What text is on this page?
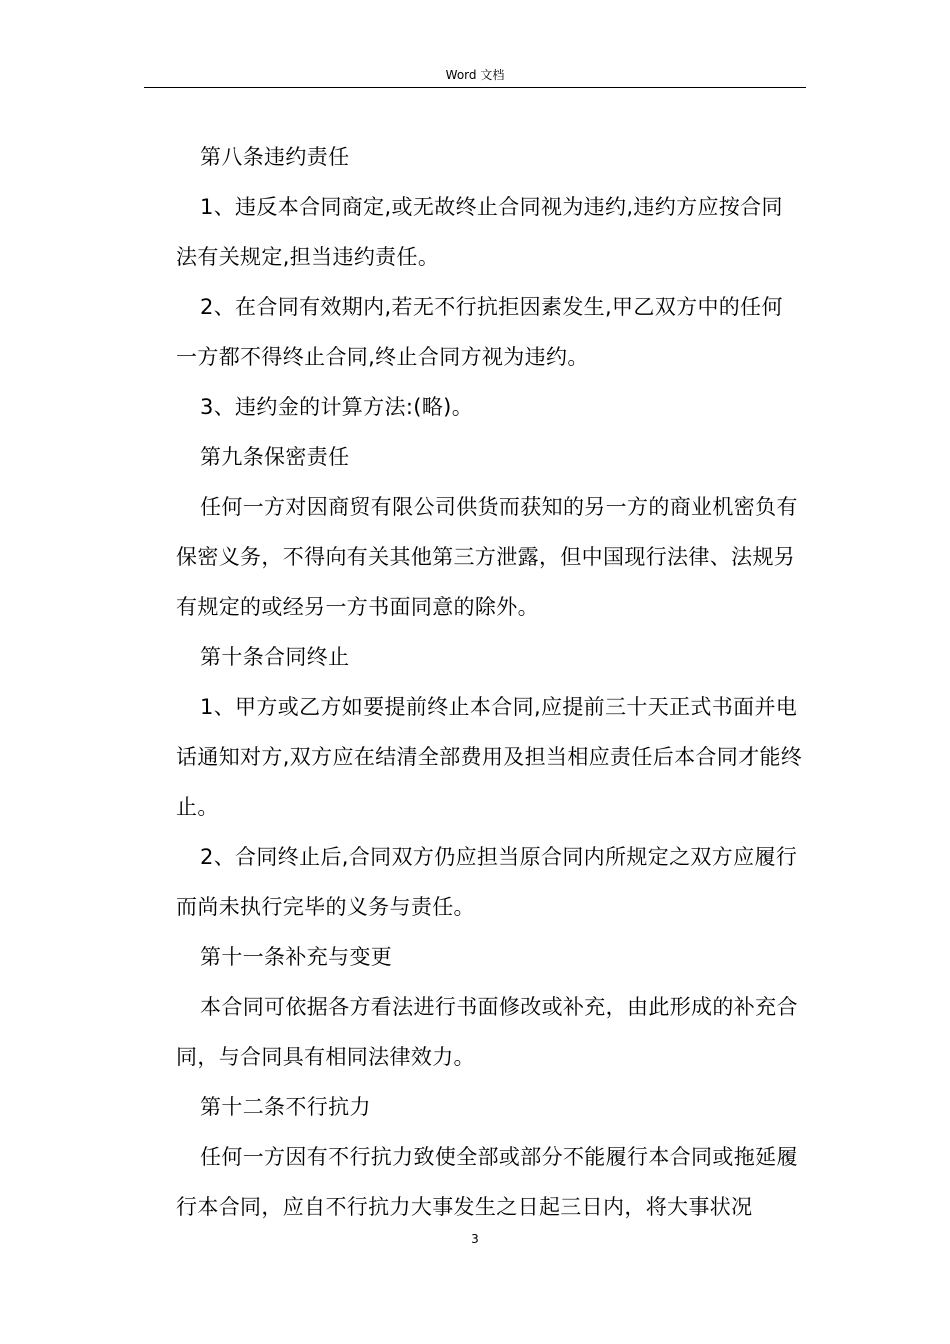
Word 文档

第八条违约责任

1、违反本合同商定,或无故终止合同视为违约,违约方应按合同法有关规定,担当违约责任。

2、在合同有效期内,若无不行抗拒因素发生,甲乙双方中的任何一方都不得终止合同,终止合同方视为违约。

3、违约金的计算方法:(略)。

第九条保密责任

任何一方对因商贸有限公司供货而获知的另一方的商业机密负有保密义务，不得向有关其他第三方泄露，但中国现行法律、法规另有规定的或经另一方书面同意的除外。

第十条合同终止

1、甲方或乙方如要提前终止本合同,应提前三十天正式书面并电话通知对方,双方应在结清全部费用及担当相应责任后本合同才能终止。

2、合同终止后,合同双方仍应担当原合同内所规定之双方应履行而尚未执行完毕的义务与责任。

第十一条补充与变更

本合同可依据各方看法进行书面修改或补充，由此形成的补充合同，与合同具有相同法律效力。

第十二条不行抗力

任何一方因有不行抗力致使全部或部分不能履行本合同或拖延履行本合同，应自不行抗力大事发生之日起三日内，将大事状况

3
